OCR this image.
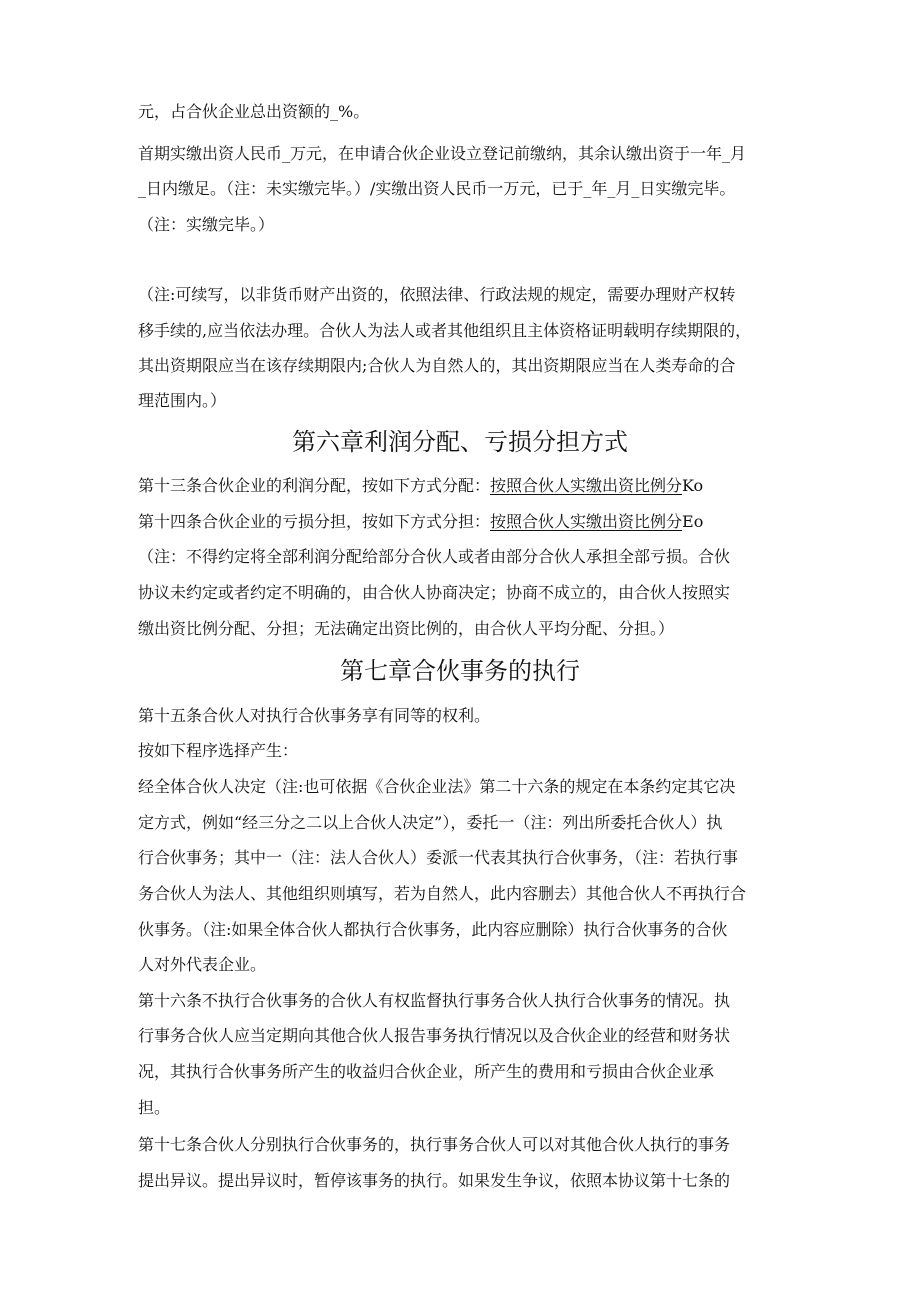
元，占合伙企业总出资额的_%。
首期实缴出资人民币_万元，在申请合伙企业设立登记前缴纳，其余认缴出资于一年_月
_日内缴足。（注：未实缴完毕。）/实缴出资人民币一万元，已于_年_月_日实缴完毕。
（注：实缴完毕。）
（注:可续写，以非货币财产出资的，依照法律、行政法规的规定，需要办理财产权转
移手续的,应当依法办理。合伙人为法人或者其他组织且主体资格证明载明存续期限的，
其出资期限应当在该存续期限内;合伙人为自然人的，其出资期限应当在人类寿命的合
理范围内。）
第六章利润分配、亏损分担方式
第十三条合伙企业的利润分配，按如下方式分配：按照合伙人实缴出资比例分Ko
第十四条合伙企业的亏损分担，按如下方式分担：按照合伙人实缴出资比例分Eo
（注：不得约定将全部利润分配给部分合伙人或者由部分合伙人承担全部亏损。合伙
协议未约定或者约定不明确的，由合伙人协商决定；协商不成立的，由合伙人按照实
缴出资比例分配、分担；无法确定出资比例的，由合伙人平均分配、分担。）
第七章合伙事务的执行
第十五条合伙人对执行合伙事务享有同等的权利。
按如下程序选择产生：
经全体合伙人决定（注:也可依据《合伙企业法》第二十六条的规定在本条约定其它决
定方式，例如“经三分之二以上合伙人决定”），委托一（注：列出所委托合伙人）执
行合伙事务；其中一（注：法人合伙人）委派一代表其执行合伙事务，（注：若执行事
务合伙人为法人、其他组织则填写，若为自然人，此内容删去）其他合伙人不再执行合
伙事务。（注:如果全体合伙人都执行合伙事务，此内容应删除）执行合伙事务的合伙
人对外代表企业。
第十六条不执行合伙事务的合伙人有权监督执行事务合伙人执行合伙事务的情况。执
行事务合伙人应当定期向其他合伙人报告事务执行情况以及合伙企业的经营和财务状
况，其执行合伙事务所产生的收益归合伙企业，所产生的费用和亏损由合伙企业承
担。
第十七条合伙人分别执行合伙事务的，执行事务合伙人可以对其他合伙人执行的事务
提出异议。提出异议时，暂停该事务的执行。如果发生争议，依照本协议第十七条的
